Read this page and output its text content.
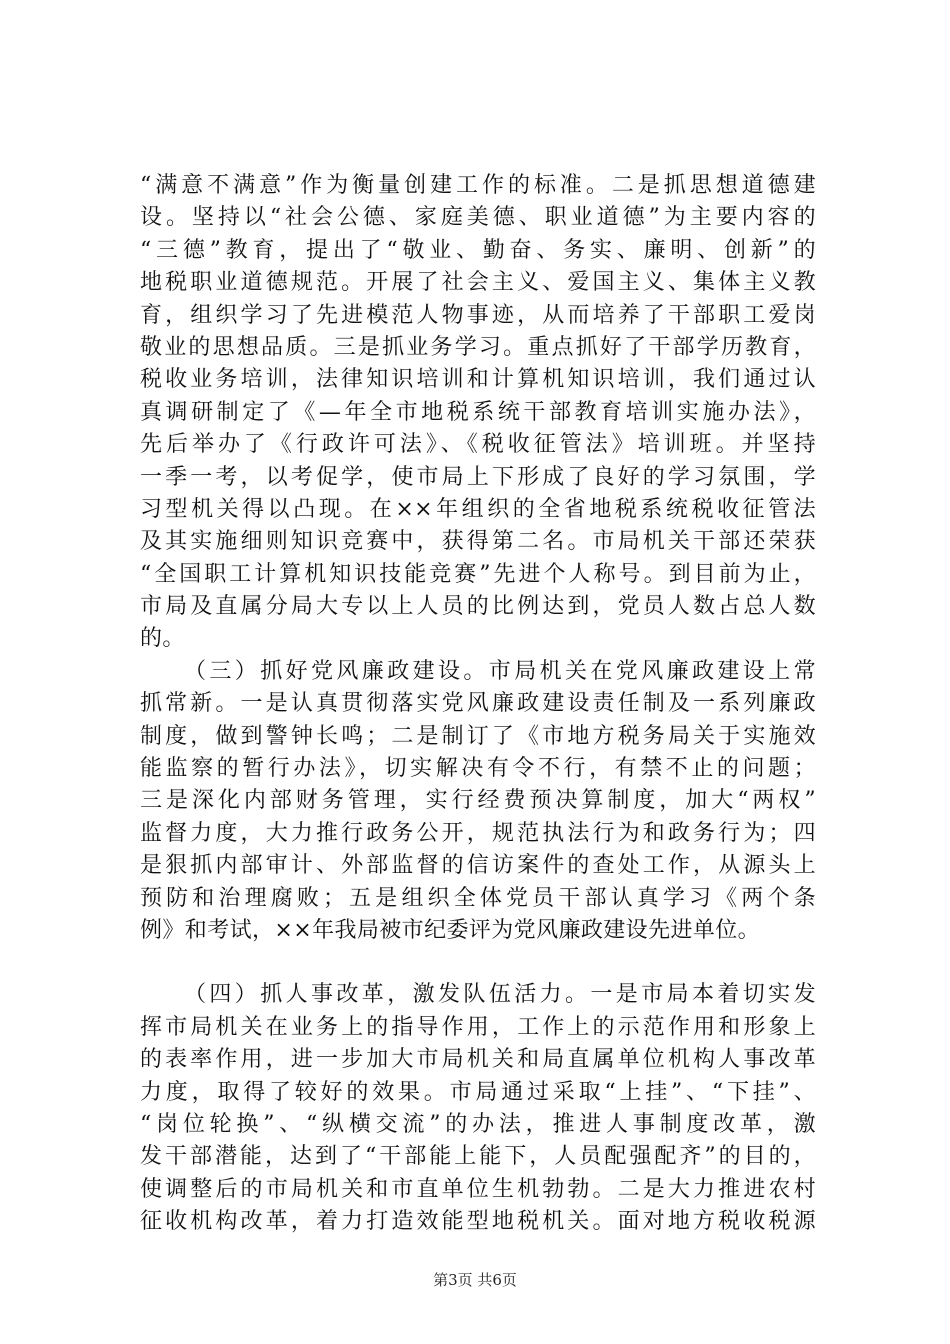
“满意不满意”作为衡量创建工作的标准。二是抓思想道德建
设。坚持以“社会公德、家庭美德、职业道德”为主要内容的
“三德”教育，提出了“敬业、勤奋、务实、廉明、创新”的
地税职业道德规范。开展了社会主义、爱国主义、集体主义教
育，组织学习了先进模范人物事迹，从而培养了干部职工爱岗
敬业的思想品质。三是抓业务学习。重点抓好了干部学历教育，
税收业务培训，法律知识培训和计算机知识培训，我们通过认
真调研制定了《—年全市地税系统干部教育培训实施办法》，
先后举办了《行政许可法》、《税收征管法》培训班。并坚持
一季一考，以考促学，使市局上下形成了良好的学习氛围，学
习型机关得以凸现。在××年组织的全省地税系统税收征管法
及其实施细则知识竞赛中，获得第二名。市局机关干部还荣获
“全国职工计算机知识技能竞赛”先进个人称号。到目前为止，
市局及直属分局大专以上人员的比例达到，党员人数占总人数
的。
（三）抓好党风廉政建设。市局机关在党风廉政建设上常
抓常新。一是认真贯彻落实党风廉政建设责任制及一系列廉政
制度，做到警钟长鸣；二是制订了《市地方税务局关于实施效
能监察的暂行办法》，切实解决有令不行，有禁不止的问题；
三是深化内部财务管理，实行经费预决算制度，加大“两权”
监督力度，大力推行政务公开，规范执法行为和政务行为；四
是狠抓内部审计、外部监督的信访案件的查处工作，从源头上
预防和治理腐败；五是组织全体党员干部认真学习《两个条
例》和考试，××年我局被市纪委评为党风廉政建设先进单位。
（四）抓人事改革，激发队伍活力。一是市局本着切实发
挥市局机关在业务上的指导作用，工作上的示范作用和形象上
的表率作用，进一步加大市局机关和局直属单位机构人事改革
力度，取得了较好的效果。市局通过采取“上挂”、“下挂”、
“岗位轮换”、“纵横交流”的办法，推进人事制度改革，激
发干部潜能，达到了“干部能上能下，人员配强配齐”的目的，
使调整后的市局机关和市直单位生机勃勃。二是大力推进农村
征收机构改革，着力打造效能型地税机关。面对地方税收税源
第3页 共6页
